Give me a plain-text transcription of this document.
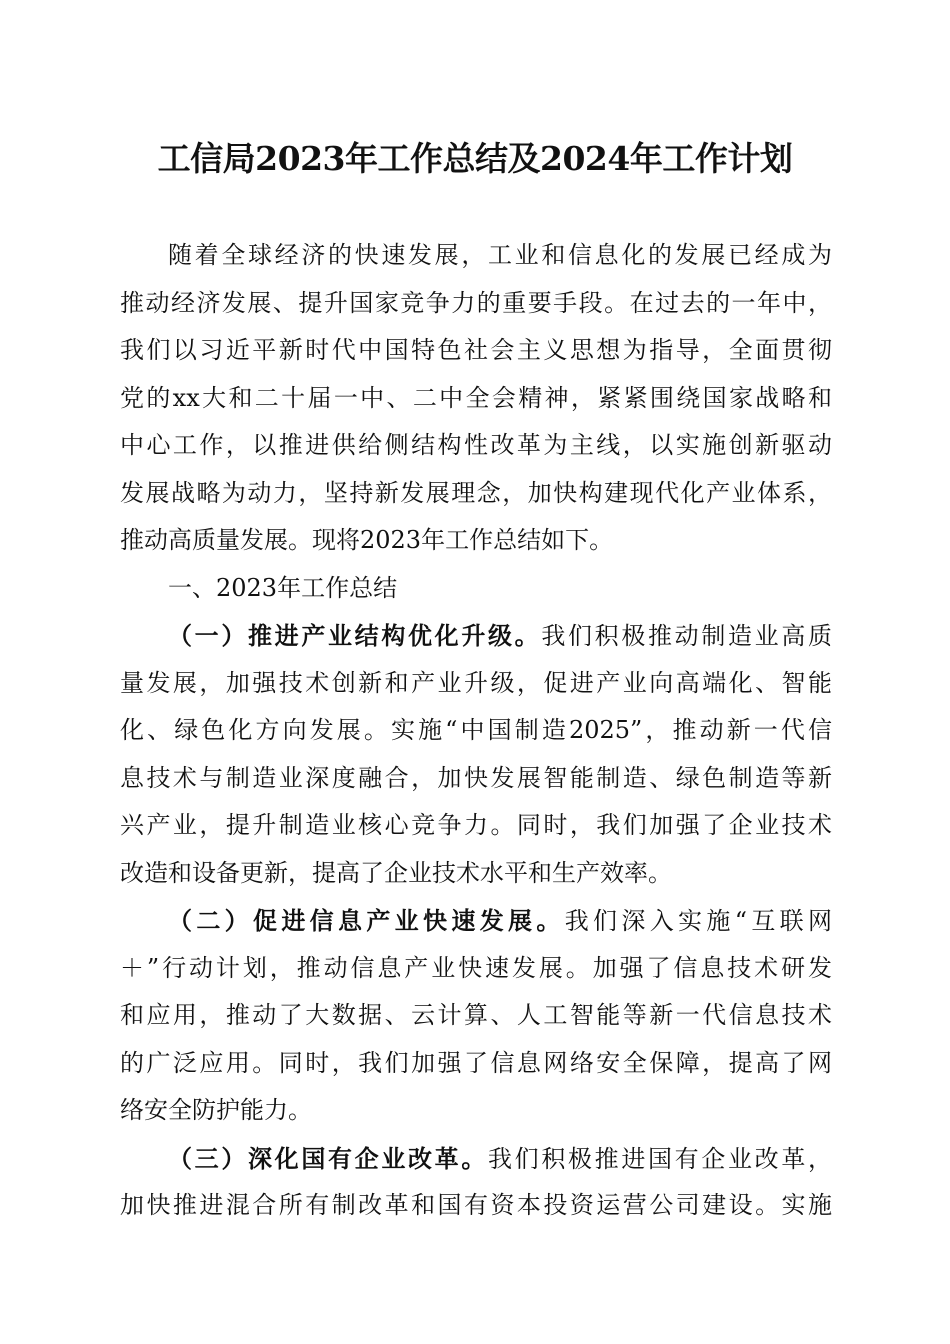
工信局2023年工作总结及2024年工作计划
随着全球经济的快速发展，工业和信息化的发展已经成为
推动经济发展、提升国家竞争力的重要手段。在过去的一年中，
我们以习近平新时代中国特色社会主义思想为指导，全面贯彻
党的xx大和二十届一中、二中全会精神，紧紧围绕国家战略和
中心工作，以推进供给侧结构性改革为主线，以实施创新驱动
发展战略为动力，坚持新发展理念，加快构建现代化产业体系，
推动高质量发展。现将2023年工作总结如下。
一、2023年工作总结
（一）推进产业结构优化升级。我们积极推动制造业高质
量发展，加强技术创新和产业升级，促进产业向高端化、智能
化、绿色化方向发展。实施“中国制造2025”，推动新一代信
息技术与制造业深度融合，加快发展智能制造、绿色制造等新
兴产业，提升制造业核心竞争力。同时，我们加强了企业技术
改造和设备更新，提高了企业技术水平和生产效率。
（二）促进信息产业快速发展。我们深入实施“互联网
＋”行动计划，推动信息产业快速发展。加强了信息技术研发
和应用，推动了大数据、云计算、人工智能等新一代信息技术
的广泛应用。同时，我们加强了信息网络安全保障，提高了网
络安全防护能力。
（三）深化国有企业改革。我们积极推进国有企业改革，
加快推进混合所有制改革和国有资本投资运营公司建设。实施
